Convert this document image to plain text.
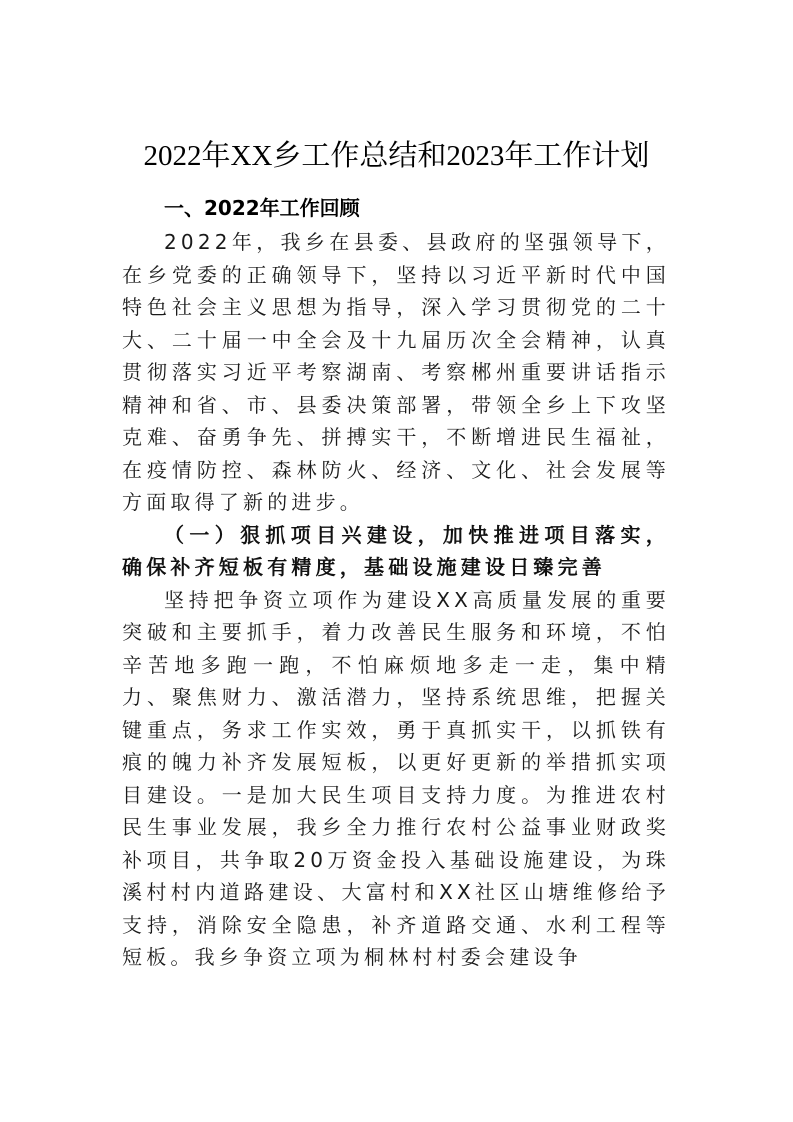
2022年XX乡工作总结和2023年工作计划
一、2022年工作回顾

2022年，我乡在县委、县政府的坚强领导下，在乡党委的正确领导下，坚持以习近平新时代中国特色社会主义思想为指导，深入学习贯彻党的二十大、二十届一中全会及十九届历次全会精神，认真贯彻落实习近平考察湖南、考察郴州重要讲话指示精神和省、市、县委决策部署，带领全乡上下攻坚克难、奋勇争先、拼搏实干，不断增进民生福祉，在疫情防控、森林防火、经济、文化、社会发展等方面取得了新的进步。

（一）狠抓项目兴建设，加快推进项目落实，确保补齐短板有精度，基础设施建设日臻完善

坚持把争资立项作为建设XX高质量发展的重要突破和主要抓手，着力改善民生服务和环境，不怕辛苦地多跑一跑，不怕麻烦地多走一走，集中精力、聚焦财力、激活潜力，坚持系统思维，把握关键重点，务求工作实效，勇于真抓实干，以抓铁有痕的魄力补齐发展短板，以更好更新的举措抓实项目建设。一是加大民生项目支持力度。为推进农村民生事业发展，我乡全力推行农村公益事业财政奖补项目，共争取20万资金投入基础设施建设，为珠溪村村内道路建设、大富村和XX社区山塘维修给予支持，消除安全隐患，补齐道路交通、水利工程等短板。我乡争资立项为桐林村村委会建设争
